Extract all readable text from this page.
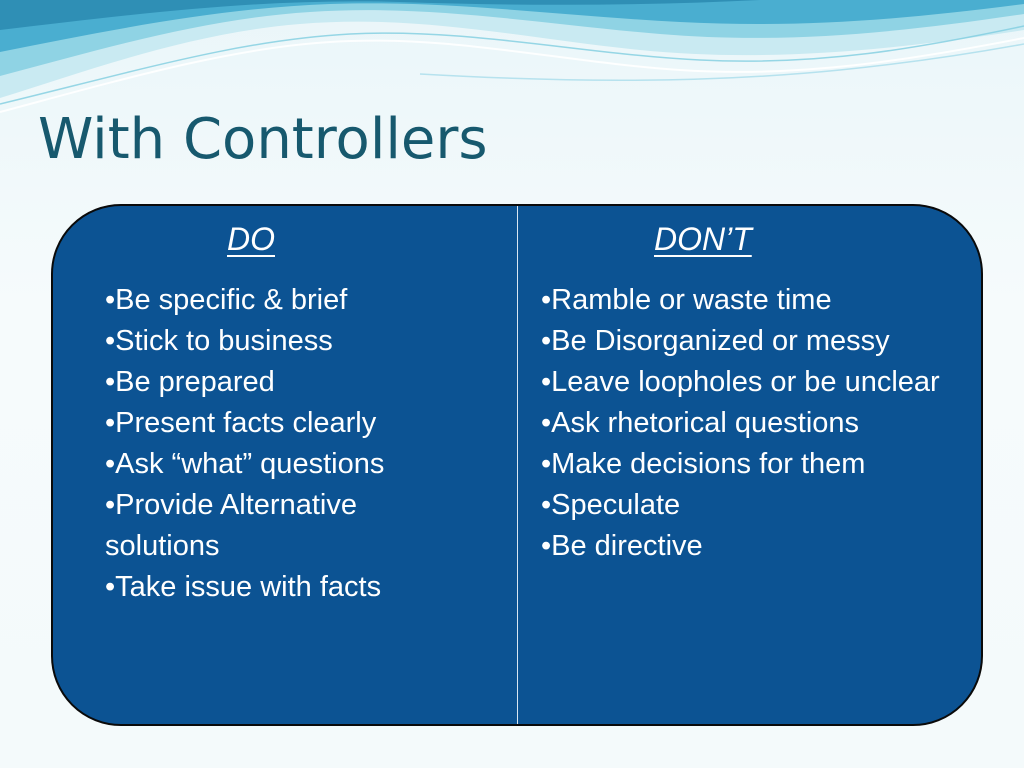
With Controllers
DO	DON’T
•Be specific & brief
•Stick to business
•Be prepared
•Present facts clearly
•Ask “what” questions
•Provide Alternative solutions
•Take issue with facts
•Ramble or waste time
•Be Disorganized or messy
•Leave loopholes or be unclear
•Ask rhetorical questions
•Make decisions for them
•Speculate
•Be directive
